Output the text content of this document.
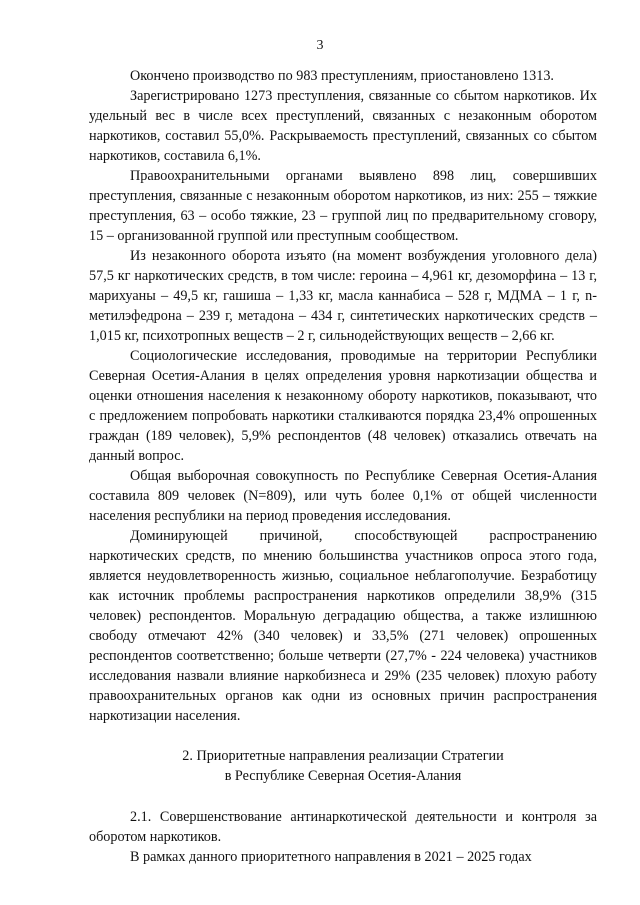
3

Окончено производство по 983 преступлениям, приостановлено 1313.

Зарегистрировано 1273 преступления, связанные со сбытом наркотиков. Их удельный вес в числе всех преступлений, связанных с незаконным оборотом наркотиков, составил 55,0%. Раскрываемость преступлений, связанных со сбытом наркотиков, составила 6,1%.

Правоохранительными органами выявлено 898 лиц, совершивших преступления, связанные с незаконным оборотом наркотиков, из них: 255 – тяжкие преступления, 63 – особо тяжкие, 23 – группой лиц по предварительному сговору, 15 – организованной группой или преступным сообществом.

Из незаконного оборота изъято (на момент возбуждения уголовного дела) 57,5 кг наркотических средств, в том числе: героина – 4,961 кг, дезоморфина – 13 г, марихуаны – 49,5 кг, гашиша – 1,33 кг, масла каннабиса – 528 г, МДМА – 1 г, n-метилэфедрона – 239 г, метадона – 434 г, синтетических наркотических средств – 1,015 кг, психотропных веществ – 2 г, сильнодействующих веществ – 2,66 кг.

Социологические исследования, проводимые на территории Республики Северная Осетия-Алания в целях определения уровня наркотизации общества и оценки отношения населения к незаконному обороту наркотиков, показывают, что с предложением попробовать наркотики сталкиваются порядка 23,4% опрошенных граждан (189 человек), 5,9% респондентов (48 человек) отказались отвечать на данный вопрос.

Общая выборочная совокупность по Республике Северная Осетия-Алания составила 809 человек (N=809), или чуть более 0,1% от общей численности населения республики на период проведения исследования.

Доминирующей причиной, способствующей распространению наркотических средств, по мнению большинства участников опроса этого года, является неудовлетворенность жизнью, социальное неблагополучие. Безработицу как источник проблемы распространения наркотиков определили 38,9% (315 человек) респондентов. Моральную деградацию общества, а также излишнюю свободу отмечают 42% (340 человек) и 33,5% (271 человек) опрошенных респондентов соответственно; больше четверти (27,7% - 224 человека) участников исследования назвали влияние наркобизнеса и 29% (235 человек) плохую работу правоохранительных органов как одни из основных причин распространения наркотизации населения.

2. Приоритетные направления реализации Стратегии
в Республике Северная Осетия-Алания

2.1. Совершенствование антинаркотической деятельности и контроля за оборотом наркотиков.

В рамках данного приоритетного направления в 2021 – 2025 годах
